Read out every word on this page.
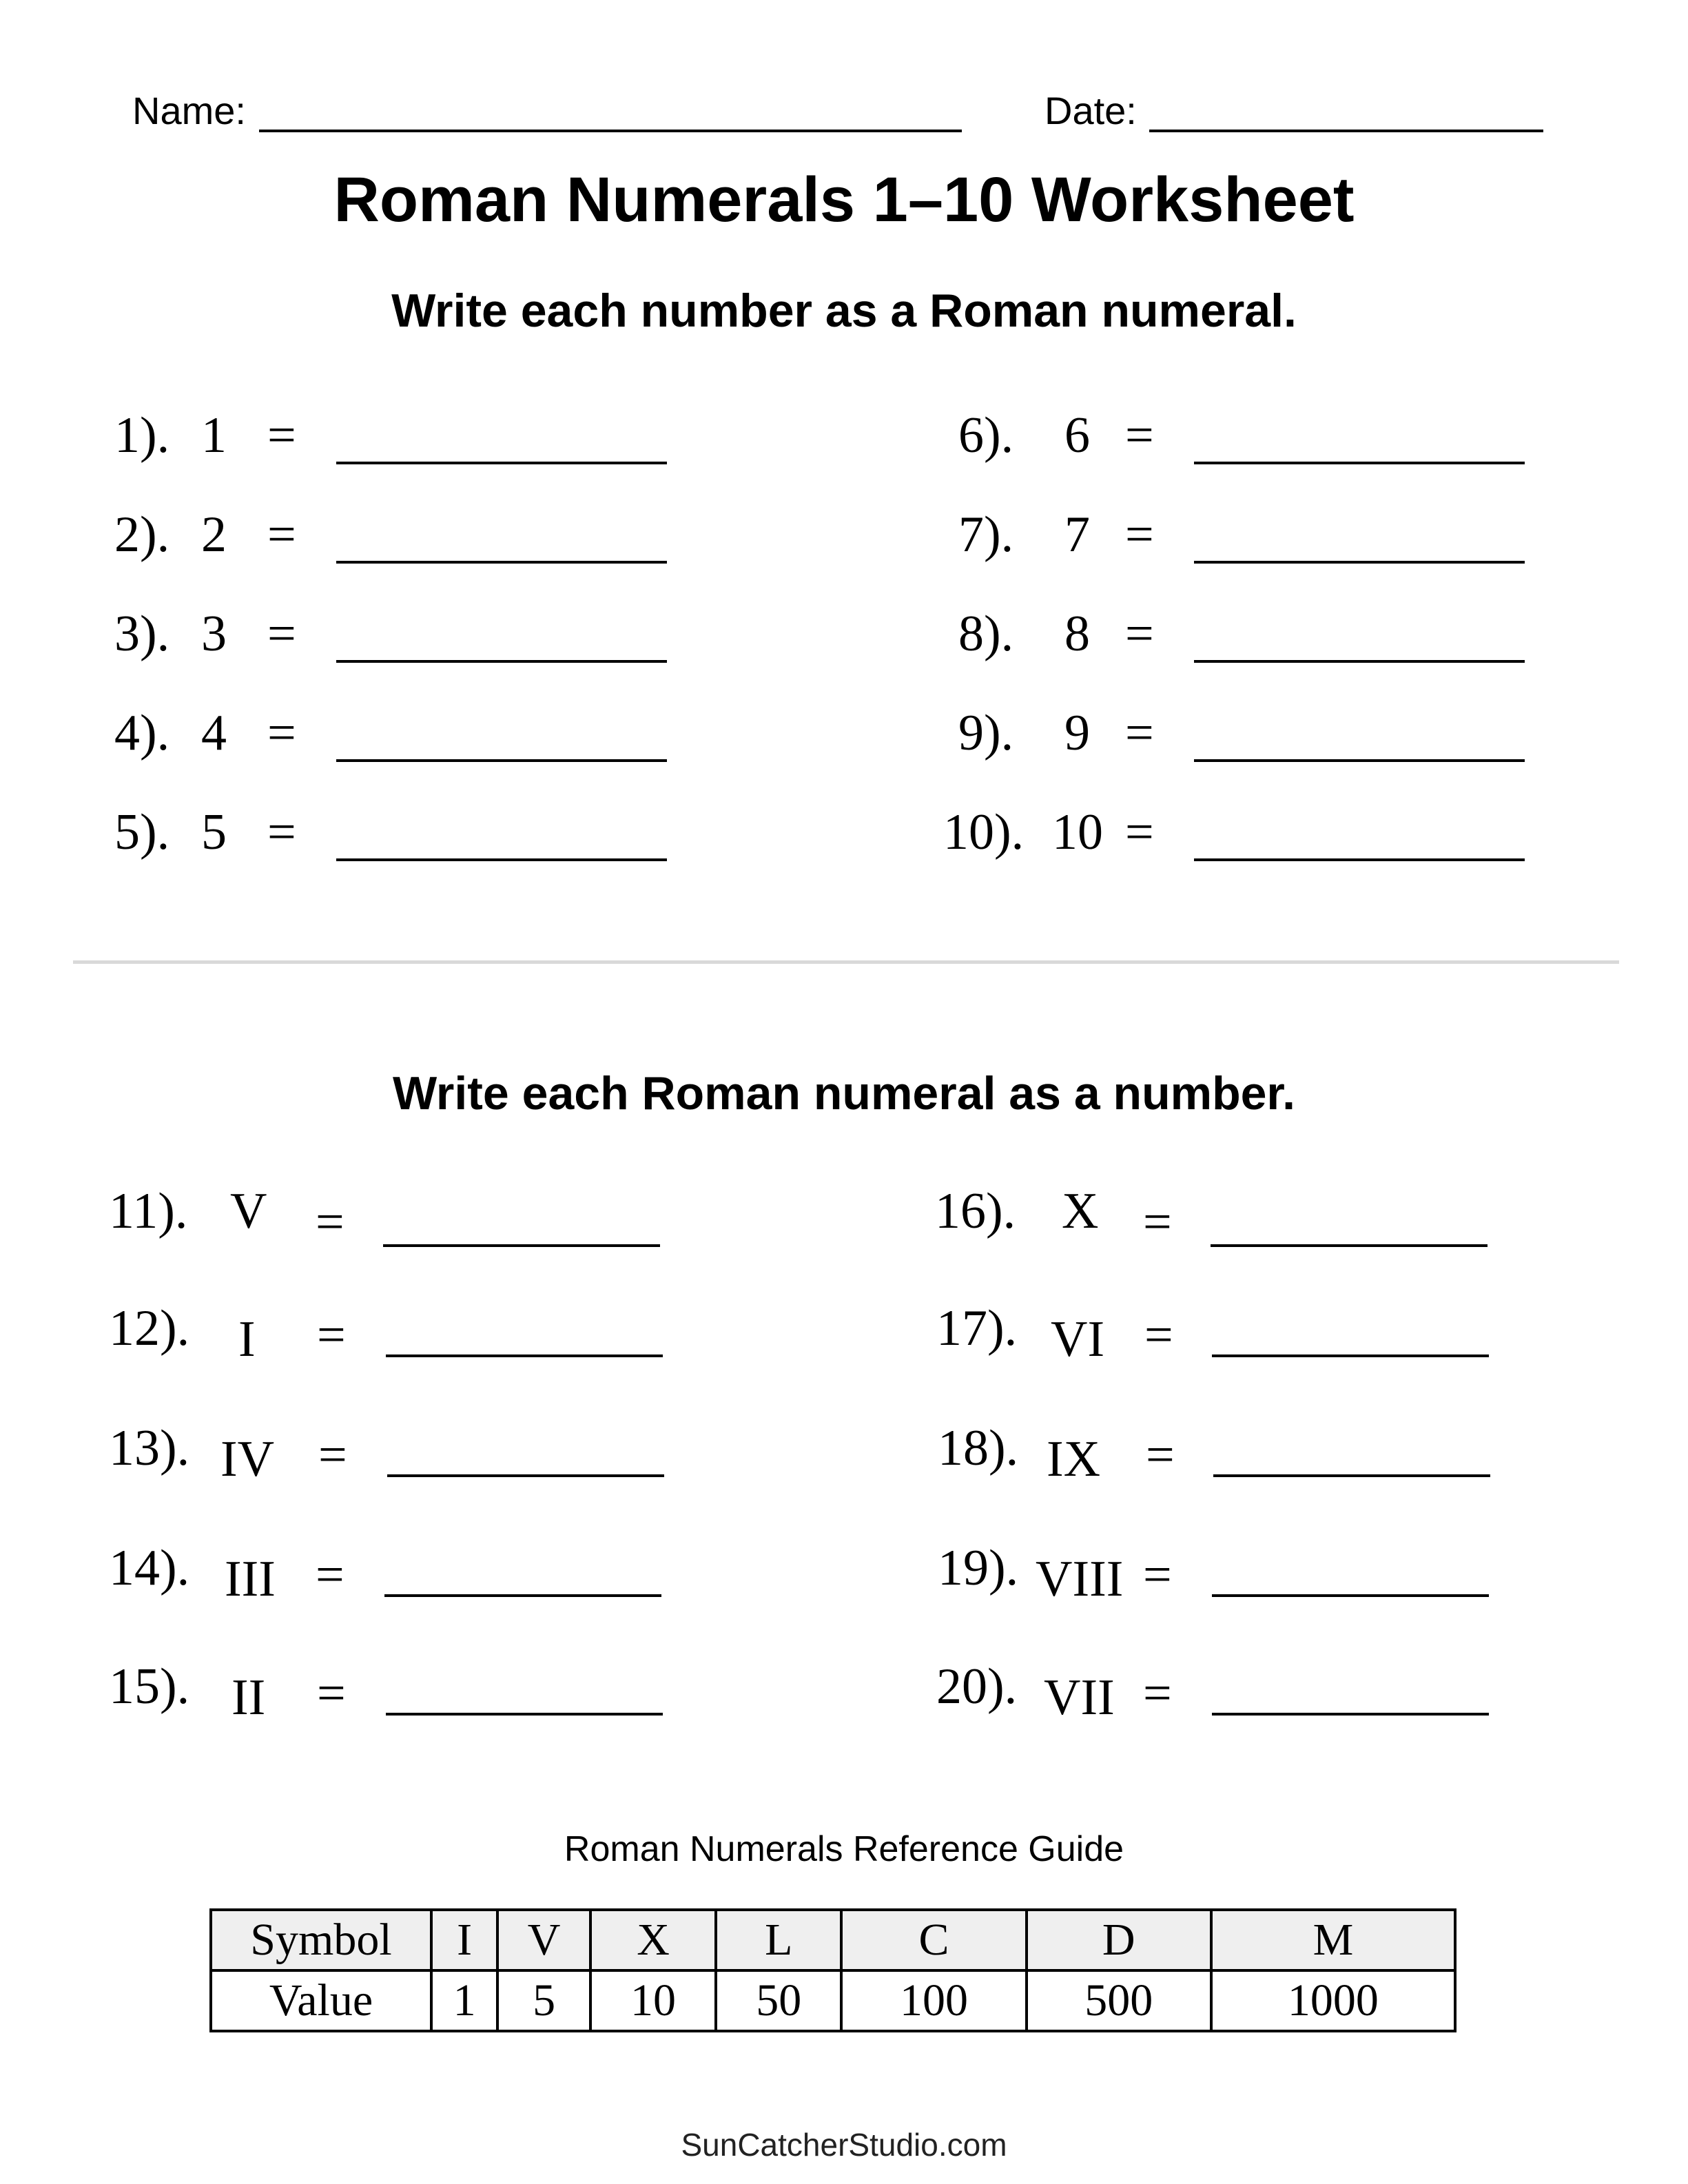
Name:	Date:
Roman Numerals 1–10 Worksheet
Write each number as a Roman numeral.
1). 1 =
2). 2 =
3). 3 =
4). 4 =
5). 5 =
6). 6 =
7). 7 =
8). 8 =
9). 9 =
10). 10 =
Write each Roman numeral as a number.
11). V =
12). I =
13). IV =
14). III =
15). II =
16). X =
17). VI =
18). IX =
19). VIII =
20). VII =
Roman Numerals Reference Guide
Symbol	I	V	X	L	C	D	M
Value	1	5	10	50	100	500	1000
SunCatcherStudio.com
